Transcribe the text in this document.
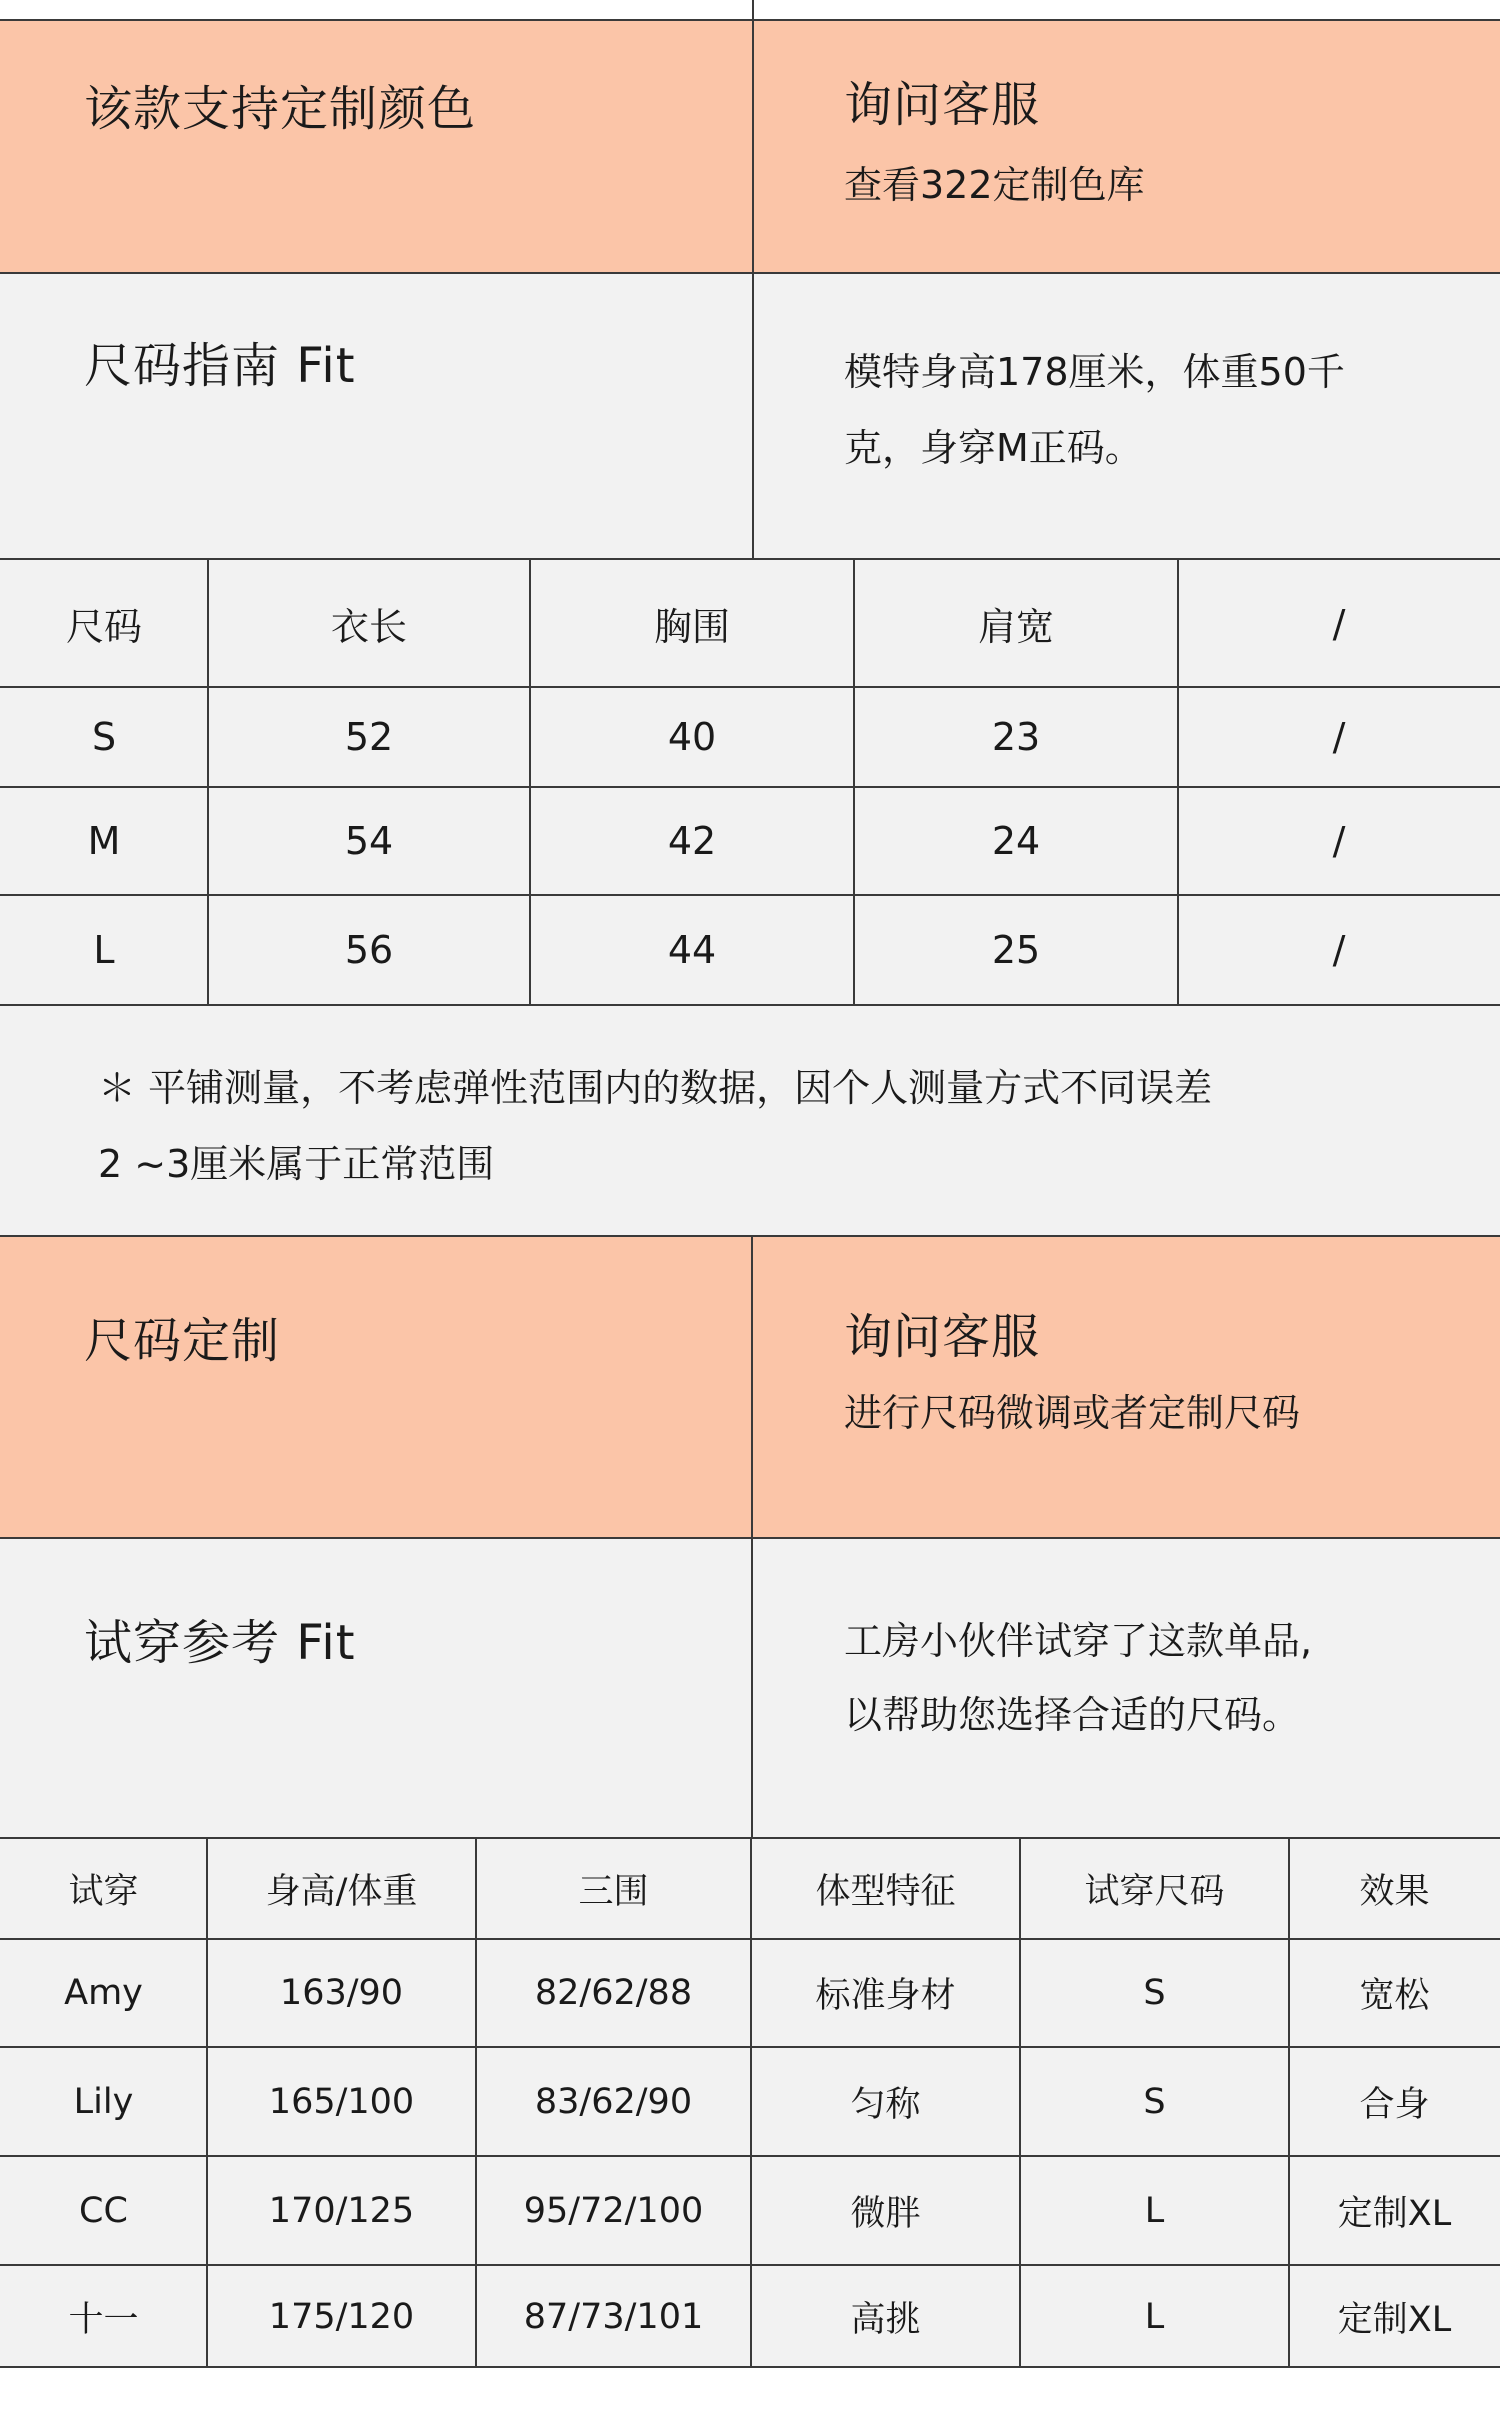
该款支持定制颜色	询问客服
查看322定制色库
尺码指南 Fit	模特身高178厘米，体重50千
克，身穿M正码。
尺码	衣长	胸围	肩宽	/
S	52	40	23	/
M	54	42	24	/
L	56	44	25	/
＊ 平铺测量，不考虑弹性范围内的数据，因个人测量方式不同误差
2 ~3厘米属于正常范围
尺码定制	询问客服
进行尺码微调或者定制尺码
试穿参考 Fit	工房小伙伴试穿了这款单品,
以帮助您选择合适的尺码。
试穿	身高/体重	三围	体型特征	试穿尺码	效果
Amy	163/90	82/62/88	标准身材	S	宽松
Lily	165/100	83/62/90	匀称	S	合身
CC	170/125	95/72/100	微胖	L	定制XL
十一	175/120	87/73/101	高挑	L	定制XL
